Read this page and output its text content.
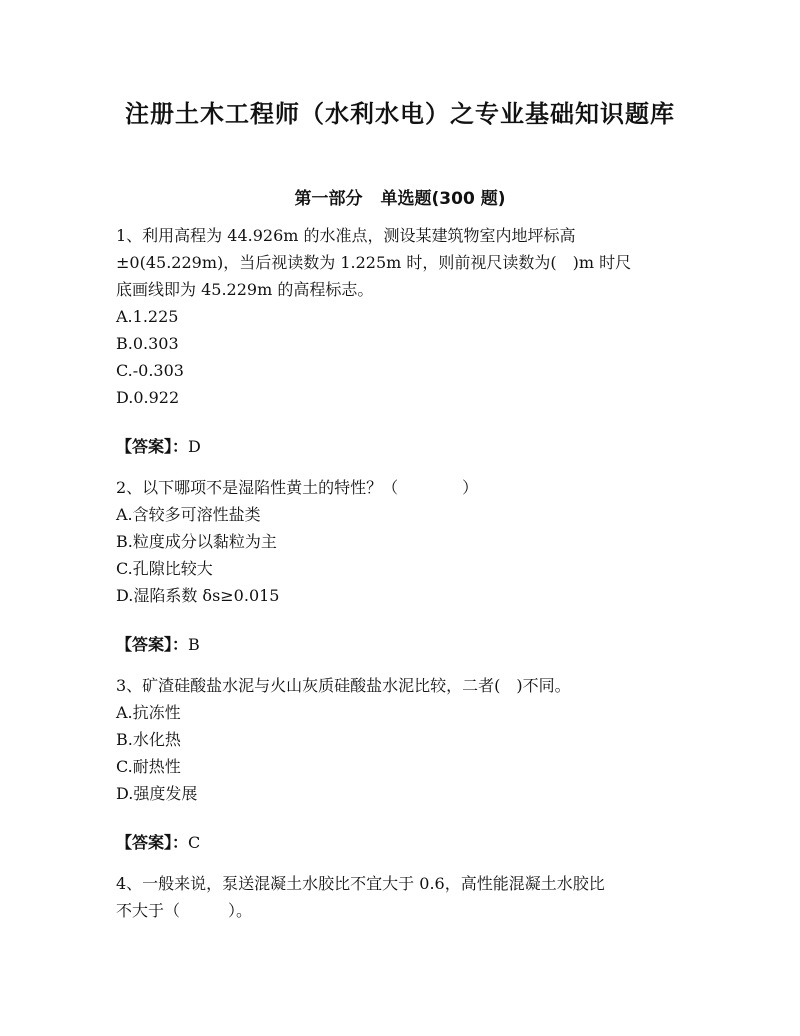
注册土木工程师（水利水电）之专业基础知识题库
第一部分 单选题(300 题)
1、利用高程为 44.926m 的水准点，测设某建筑物室内地坪标高
±0(45.229m)，当后视读数为 1.225m 时，则前视尺读数为(　)m 时尺
底画线即为 45.229m 的高程标志。
A.1.225
B.0.303
C.-0.303
D.0.922
【答案】：D
2、以下哪项不是湿陷性黄土的特性？（　　　　）
A.含较多可溶性盐类
B.粒度成分以黏粒为主
C.孔隙比较大
D.湿陷系数 δs≥0.015
【答案】：B
3、矿渣硅酸盐水泥与火山灰质硅酸盐水泥比较，二者(　)不同。
A.抗冻性
B.水化热
C.耐热性
D.强度发展
【答案】：C
4、一般来说，泵送混凝土水胶比不宜大于 0.6，高性能混凝土水胶比
不大于（　　　）。
